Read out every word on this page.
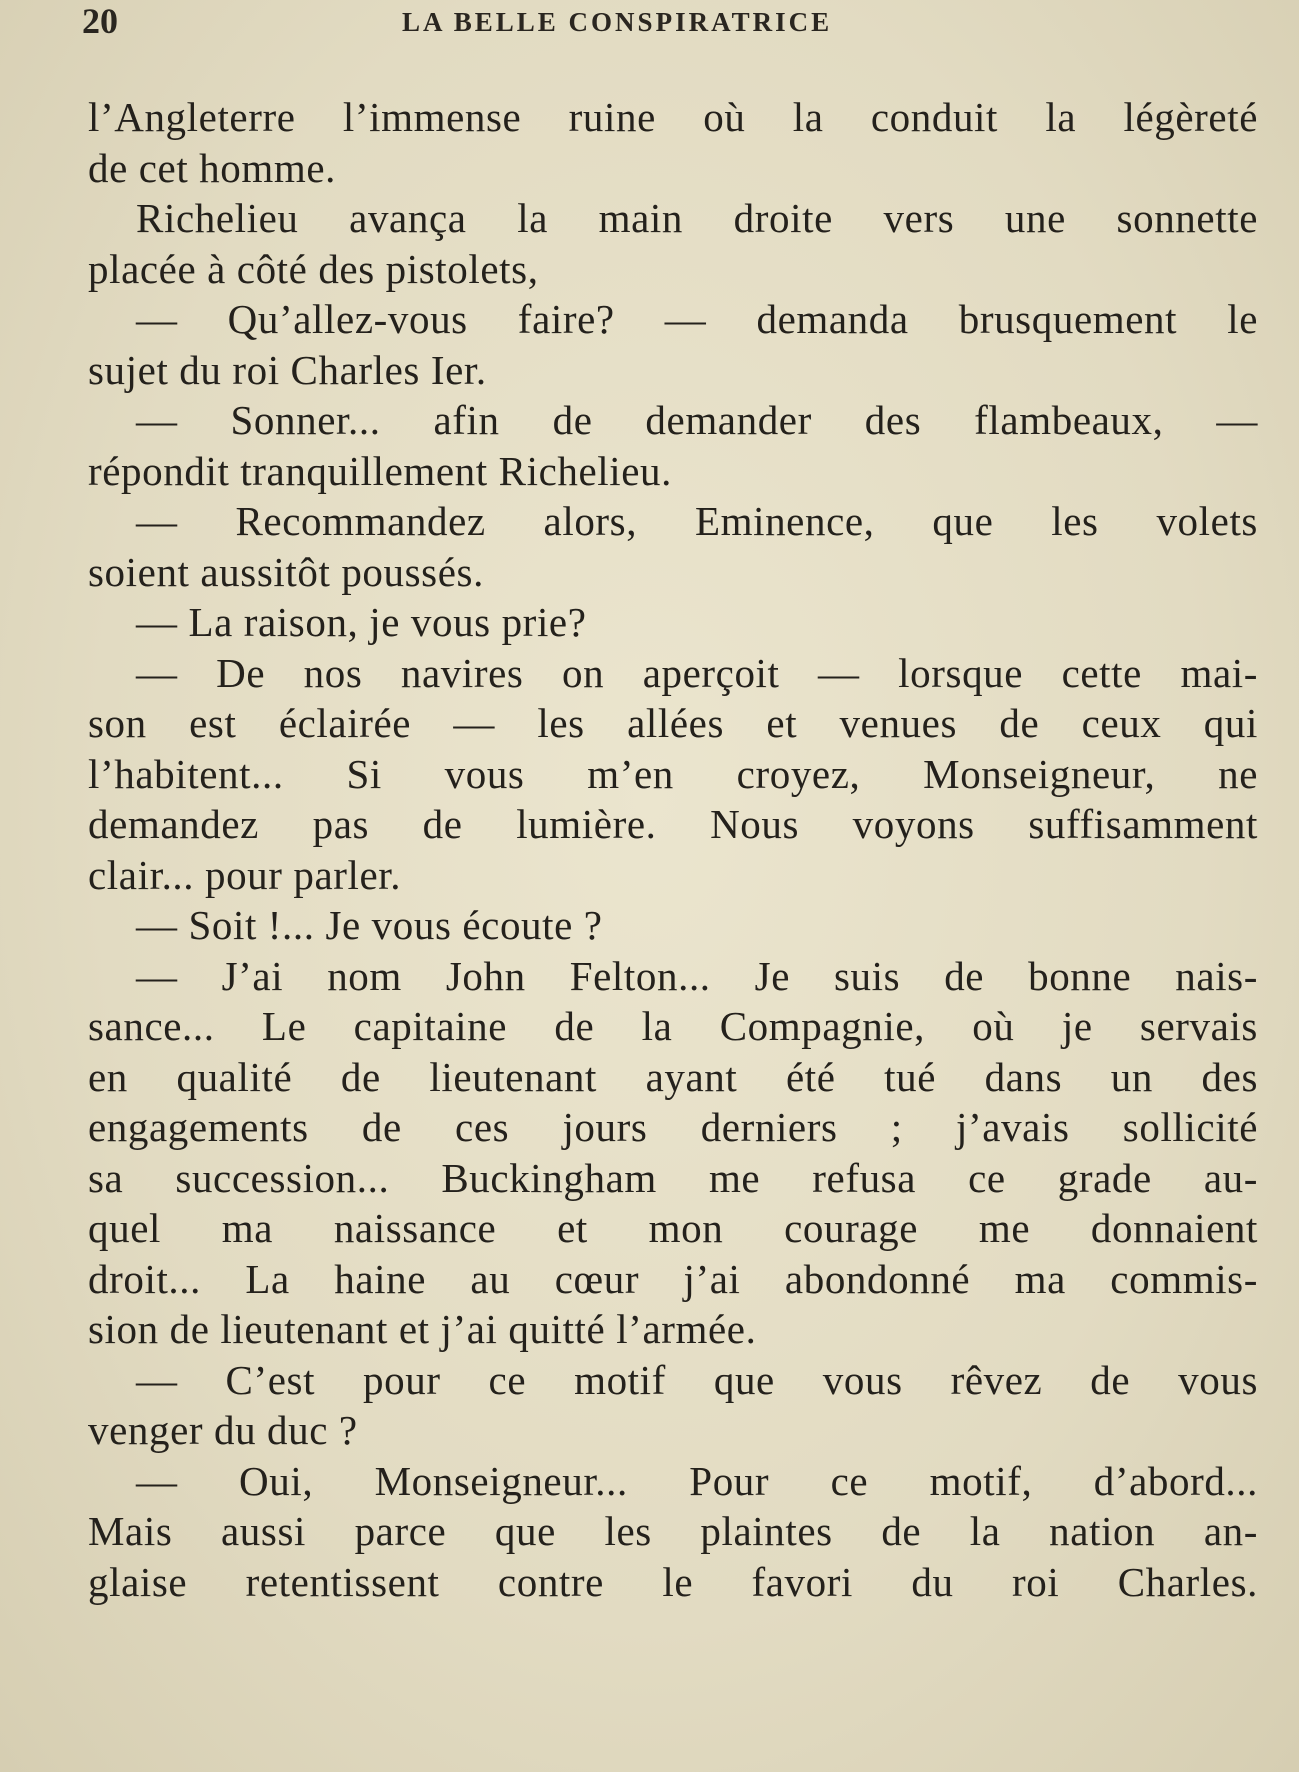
20	LA BELLE CONSPIRATRICE
l’Angleterre l’immense ruine où la conduit la légèreté
de cet homme.
Richelieu avança la main droite vers une sonnette
placée à côté des pistolets,
— Qu’allez-vous faire? — demanda brusquement le
sujet du roi Charles Ier.
— Sonner... afin de demander des flambeaux, —
répondit tranquillement Richelieu.
— Recommandez alors, Eminence, que les volets
soient aussitôt poussés.
— La raison, je vous prie?
— De nos navires on aperçoit — lorsque cette mai-
son est éclairée — les allées et venues de ceux qui
l’habitent... Si vous m’en croyez, Monseigneur, ne
demandez pas de lumière. Nous voyons suffisamment
clair... pour parler.
— Soit !... Je vous écoute ?
— J’ai nom John Felton... Je suis de bonne nais-
sance... Le capitaine de la Compagnie, où je servais
en qualité de lieutenant ayant été tué dans un des
engagements de ces jours derniers ; j’avais sollicité
sa succession... Buckingham me refusa ce grade au-
quel ma naissance et mon courage me donnaient
droit... La haine au cœur j’ai abondonné ma commis-
sion de lieutenant et j’ai quitté l’armée.
— C’est pour ce motif que vous rêvez de vous
venger du duc ?
— Oui, Monseigneur... Pour ce motif, d’abord...
Mais aussi parce que les plaintes de la nation an-
glaise retentissent contre le favori du roi Charles.
